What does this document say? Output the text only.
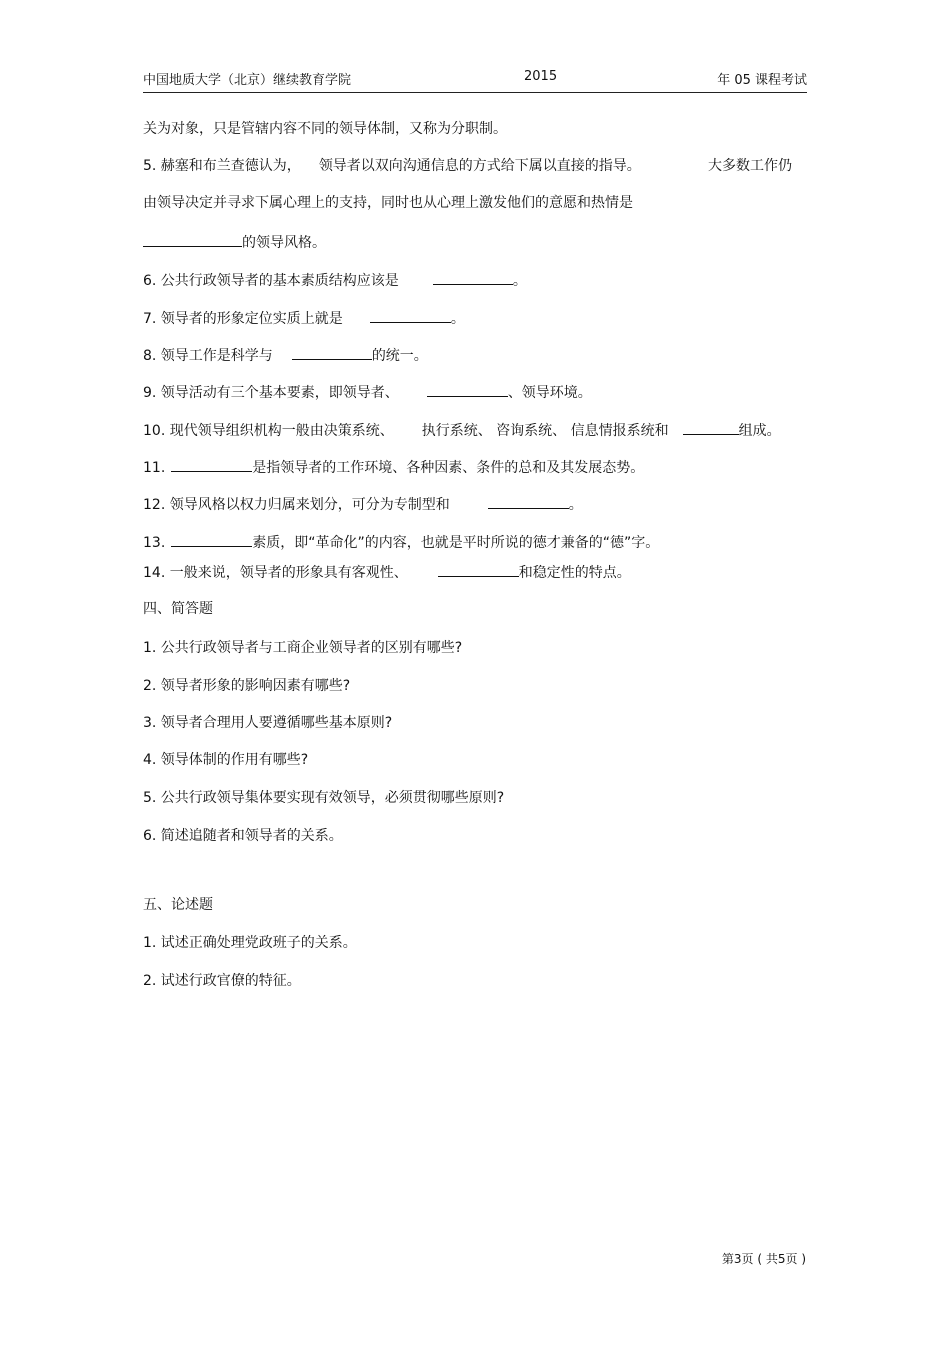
中国地质大学（北京）继续教育学院	2015	年 05 课程考试
关为对象，只是管辖内容不同的领导体制，又称为分职制。
5. 赫塞和布兰查德认为， 领导者以双向沟通信息的方式给下属以直接的指导。	大多数工作仍
由领导决定并寻求下属心理上的支持，同时也从心理上激发他们的意愿和热情是
的领导风格。
6. 公共行政领导者的基本素质结构应该是	。
7. 领导者的形象定位实质上就是	。
8. 领导工作是科学与	的统一。
9. 领导活动有三个基本要素，即领导者、	、领导环境。
10. 现代领导组织机构一般由决策系统、 执行系统、 咨询系统、 信息情报系统和	组成。
11.	是指领导者的工作环境、各种因素、条件的总和及其发展态势。
12. 领导风格以权力归属来划分，可分为专制型和	。
13.	素质，即“革命化”的内容，也就是平时所说的德才兼备的“德”字。
14. 一般来说，领导者的形象具有客观性、	和稳定性的特点。
四、简答题
1. 公共行政领导者与工商企业领导者的区别有哪些?
2. 领导者形象的影响因素有哪些?
3. 领导者合理用人要遵循哪些基本原则?
4. 领导体制的作用有哪些?
5. 公共行政领导集体要实现有效领导，必须贯彻哪些原则?
6. 简述追随者和领导者的关系。
五、论述题
1. 试述正确处理党政班子的关系。
2. 试述行政官僚的特征。
第3页 ( 共5页 )
